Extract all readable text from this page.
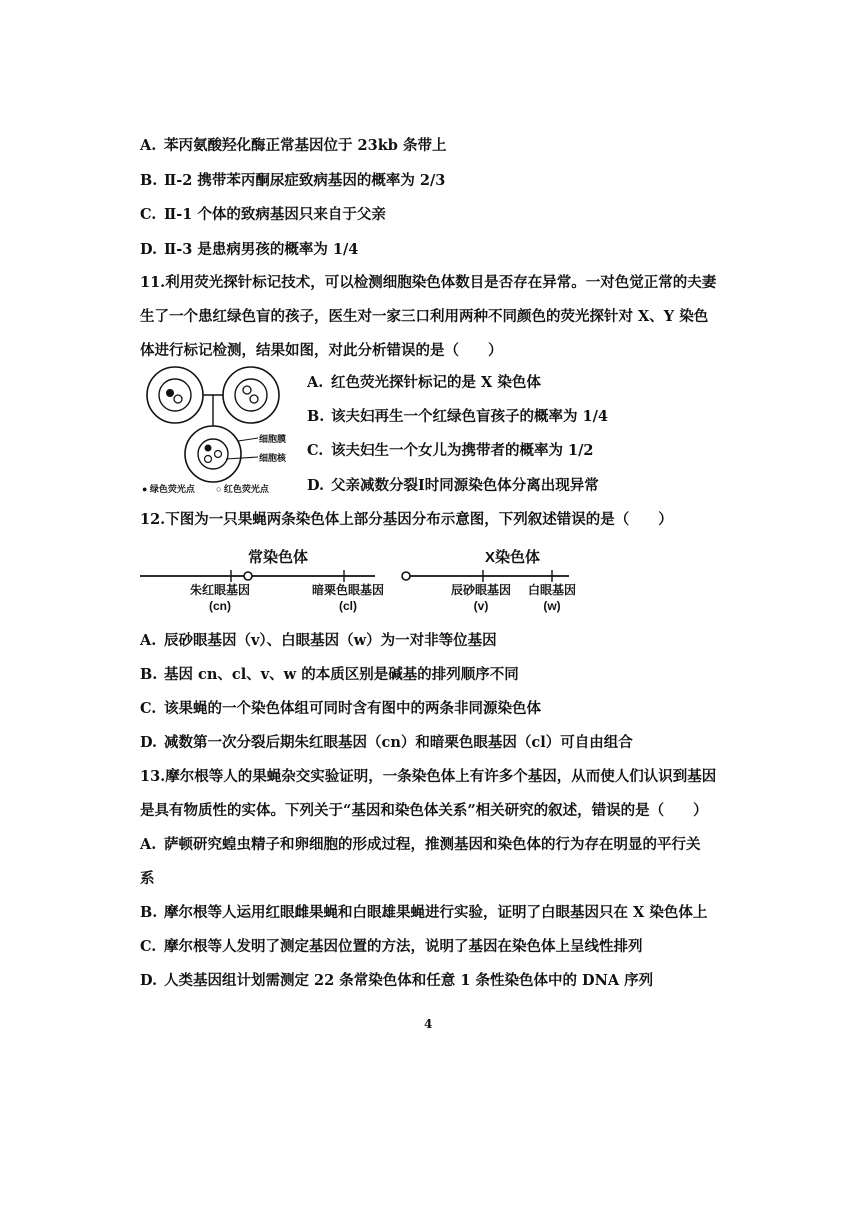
A. 苯丙氨酸羟化酶正常基因位于 23kb 条带上
B. Ⅱ-2 携带苯丙酮尿症致病基因的概率为 2/3
C. Ⅱ-1 个体的致病基因只来自于父亲
D. Ⅱ-3 是患病男孩的概率为 1/4
11.利用荧光探针标记技术，可以检测细胞染色体数目是否存在异常。一对色觉正常的夫妻
生了一个患红绿色盲的孩子，医生对一家三口利用两种不同颜色的荧光探针对 X、Y 染色
体进行标记检测，结果如图，对此分析错误的是（　　）
细胞膜
细胞核
● 绿色荧光点 ○ 红色荧光点
A. 红色荧光探针标记的是 X 染色体
B. 该夫妇再生一个红绿色盲孩子的概率为 1/4
C. 该夫妇生一个女儿为携带者的概率为 1/2
D. 父亲减数分裂Ⅰ时同源染色体分离出现异常
12.下图为一只果蝇两条染色体上部分基因分布示意图，下列叙述错误的是（　　）
常染色体	X染色体
朱红眼基因
(cn)
暗栗色眼基因
(cl)
辰砂眼基因
(v)
白眼基因
(w)
A. 辰砂眼基因（v）、白眼基因（w）为一对非等位基因
B. 基因 cn、cl、v、w 的本质区别是碱基的排列顺序不同
C. 该果蝇的一个染色体组可同时含有图中的两条非同源染色体
D. 减数第一次分裂后期朱红眼基因（cn）和暗栗色眼基因（cl）可自由组合
13.摩尔根等人的果蝇杂交实验证明，一条染色体上有许多个基因，从而使人们认识到基因
是具有物质性的实体。下列关于“基因和染色体关系”相关研究的叙述，错误的是（　　）
A. 萨顿研究蝗虫精子和卵细胞的形成过程，推测基因和染色体的行为存在明显的平行关
系
B. 摩尔根等人运用红眼雌果蝇和白眼雄果蝇进行实验，证明了白眼基因只在 X 染色体上
C. 摩尔根等人发明了测定基因位置的方法，说明了基因在染色体上呈线性排列
D. 人类基因组计划需测定 22 条常染色体和任意 1 条性染色体中的 DNA 序列
4
